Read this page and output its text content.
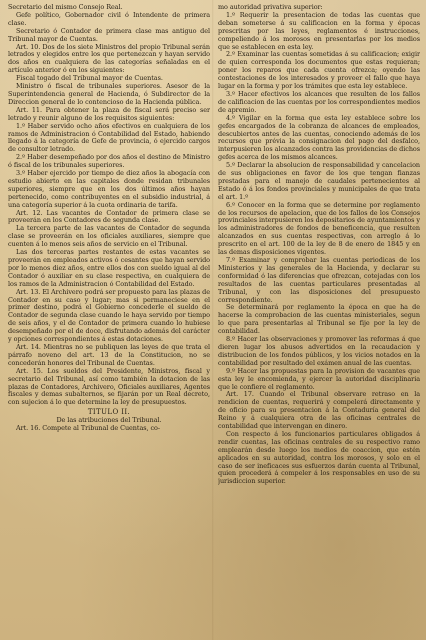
Secretario del mismo Consejo Real.

Gefe político, Gobernador civil ó Intendente de primera clase.

Secretario ó Contador de primera clase mas antiguo del Tribunal mayor de Cuentas.

Art. 10. Dos de los siete Ministros del propio Tribunal serán letrados y elegidos entre los que pertenezcan y hayan servido dos años en cualquiera de las categorías señaladas en el artículo anterior ó en los siguientes:

Fiscal togado del Tribunal mayor de Cuentas.

Ministro ó fiscal de tribunales superiores. Asesor de la Superintendencia general de Hacienda, ó Subdirector de la Direccion general de lo contencioso de la Hacienda pública.

Art. 11. Para obtener la plaza de fiscal será preciso ser letrado y reunir alguno de los requisitos siguientes:

1.º Haber servido ocho años efectivos en cualquiera de los ramos de Administracion ó Contabilidad del Estado, habiendo llegado á la categoría de Gefe de provincia, ó ejercido cargos de consultor letrado.

2.º Haber desempeñado por dos años el destino de Ministro ó fiscal de los tribunales superiores.

3.º Haber ejercido por tiempo de diez años la abogacía con estudio abierto en las capitales donde residan tribunales superiores, siempre que en los dos últimos años hayan pertenecido, como contribuyentes en el subsidio industrial, á una categoría superior á la cuota ordinaria de tarifa.

Art. 12. Las vacantes de Contador de primera clase se proveerán en los Contadores de segunda clase.

La tercera parte de las vacantes de Contador de segunda clase se proveerán en los oficiales auxiliares, siempre que cuenten á lo menos seis años de servicio en el Tribunal.

Las dos terceras partes restantes de estas vacantes se proveerán en empleados activos ó cesantes que hayan servido por lo menos diez años, entre ellos dos con sueldo igual al del Contador ó auxiliar en su clase respectiva, en cualquiera de los ramos de la Administracion ó Contabilidad del Estado.

Art. 13. El Archivero podrá ser propuesto para las plazas de Contador en su caso y lugar; mas si permaneciese en el primer destino, podrá el Gobierno concederle el sueldo de Contador de segunda clase cuando le haya servido por tiempo de seis años, y el de Contador de primera cuando lo hubiese desempeñado por el de doce, disfrutando además del carácter y opciones correspondientes á estas dotaciones.

Art. 14. Mientras no se publiquen las leyes de que trata el párrafo noveno del art. 13 de la Constitucion, no se concederán honores del Tribunal de Cuentas.

Art. 15. Los sueldos del Presidente, Ministros, fiscal y secretario del Tribunal, así como también la dotacion de las plazas de Contadores, Archivero, Oficiales auxiliares, Agentes fiscales y demas subalternos, se fijarán por un Real decreto, con sujecion á lo que determine la ley de presupuestos.

TITULO II.

De las atribuciones del Tribunal.

Art. 16. Compete al Tribunal de Cuentas, co-

mo autoridad privativa superior:

1.º Requerir la presentacion de todas las cuentas que deban someterse á su calificacion en la forma y épocas prescritas por las leyes, reglamentos é instrucciones, compeliendo á los morosos en presentarlas por los medios que se establecen en esta ley.

2.º Examinar las cuentas sometidas á su calificacion; exigir de quien corresponda los documentos que estas requieran; poner los reparos que cada cuenta ofrezca; oyendo las contestaciones de los interesados y proveer el fallo que haya lugar en la forma y por los trámites que esta ley establece.

3.º Hacer efectivos los alcances que resulten de los fallos de calificacion de las cuentas por los correspondientes medios de apremio.

4.º Vigilar en la forma que esta ley establece sobre los gefes encargados de la cobranza de alcances de empleados, descubiertos antes de las cuentas, conociendo además de los recursos que prévia la consignacion del pago del desfalco, interpusieren los alcanzados contra las providencias de dichos gefes acerca de los mismos alcances.

5.º Declarar la absolucion de responsabilidad y cancelacion de sus obligaciones en favor de los que tengan fianzas prestadas para el manejo de caudales pertenecientes al Estado ó á los fondos provinciales y municipales de que trata el art. 1.º

6.º Conocer en la forma que se determine por reglamento de los recursos de apelacion, que de los fallos de los Consejos provinciales interpusieren los depositarios de ayuntamientos y los administradores de fondos de beneficencia, que resulten alcanzados en sus cuentas respectivas, con arreglo á lo prescrito en el art. 100 de la ley de 8 de enero de 1845 y en las demas disposiciones vigentes.

7.º Examinar y comprobar las cuentas periodicas de los Ministerios y las generales de la Hacienda, y declarar su conformidad ó las diferencias que ofrezcan, cotejadas con los resultados de las cuentas particulares presentadas al Tribunal, y con las disposiciones del presupuesto correspondiente.

Se determinará por reglamento la época en que ha de hacerse la comprobacion de las cuentas ministeriales, segun lo que para presentarlas al Tribunal se fije por la ley de contabilidad.

8.º Hacer las observaciones y promover las reformas á que dieren lugar los abusos advertidos en la recaudacion y distribucion de los fondos públicos, y los vicios notados en la contabilidad por resultado del exámen anual de las cuentas.

9.º Hacer las propuestas para la provision de vacantes que esta ley le encomienda, y ejercer la autoridad disciplinaria que le confiere el reglamento.

Art. 17. Cuando el Tribunal observare retraso en la rendicion de cuentas, requerirá y compelerá directamente y de oficio para su presentacion á la Contaduría general del Reino y á cualquiera otra de las oficinas centrales de contabilidad que intervengan en dinero.

Con respecto á los funcionarios particulares obligados á rendir cuentas, las oficinas centrales de su respectivo ramo emplearán desde luego los medios de coaccion, que estén aplicados en su autoridad, contra los morosos, y solo en el caso de ser ineficaces sus esfuerzos darán cuenta al Tribunal, quien procederá á compeler á los responsables en uso de su jurisdiccion superior.
